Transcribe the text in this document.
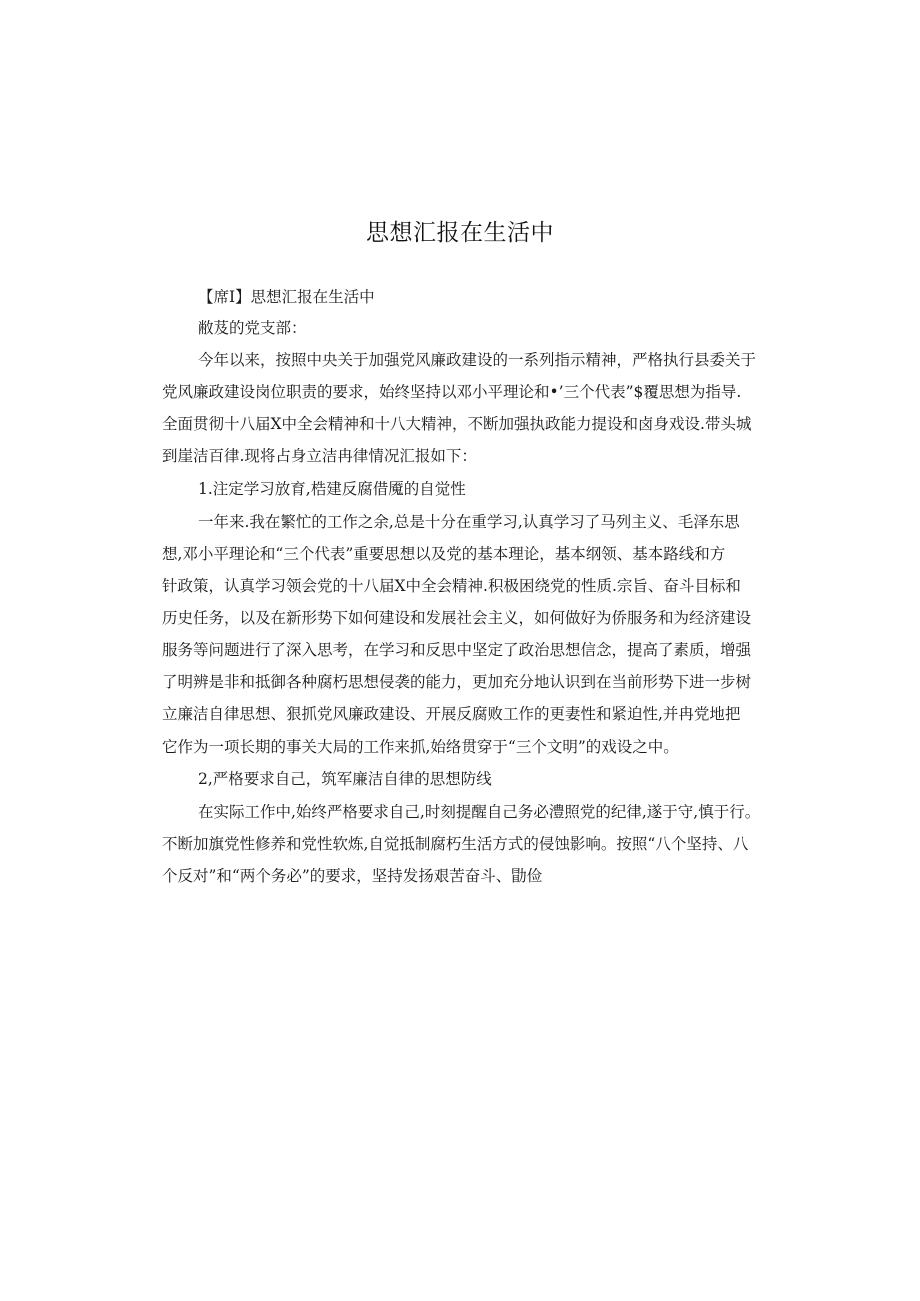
思想汇报在生活中
【席I】思想汇报在生活中
敝芨的党支部：
今年以来，按照中央关于加强党风廉政建设的一系列指示精神，严格执行县委关于
党风廉政建设岗位职责的要求，始终坚持以邓小平理论和•’三个代表”$覆思想为指导.
全面贯彻十八届X中全会精神和十八大精神，不断加强执政能力提设和卤身戏设.带头城
到崖洁百律.现将占身立洁冉律情况汇报如下：
1.注定学习放育,梏建反腐借魇的自觉性
一年来.我在繁忙的工作之余,总是十分在重学习,认真学习了马列主义、毛泽东思
想,邓小平理论和“三个代表”重要思想以及党的基本理论，基本纲领、基本路线和方
针政策，认真学习领会党的十八届X中全会精神.积极困绕党的性质.宗旨、奋斗目标和
历史任务，以及在新形势下如何建设和发展社会主义，如何做好为侨服务和为经济建设
服务等问题进行了深入思考，在学习和反思中坚定了政治思想信念，提高了素质，增强
了明辨是非和抵御各种腐朽思想侵袭的能力，更加充分地认识到在当前形势下进一步树
立廉洁自律思想、狠抓党风廉政建设、开展反腐败工作的更妻性和紧迫性,并冉党地把
它作为一项长期的事关大局的工作来抓,始络贯穿于“三个文明”的戏设之中。
2,严格要求自己，筑军廉洁自律的思想防线
在实际工作中,始终严格要求自己,时刻提醒自己务必澧照党的纪律,遂于守,慎于行。
不断加旗党性修养和党性软炼,自觉抵制腐朽生活方式的侵蚀影响。按照“八个坚持、八
个反对”和“两个务必”的要求，坚持发扬艰苦奋斗、勖俭
